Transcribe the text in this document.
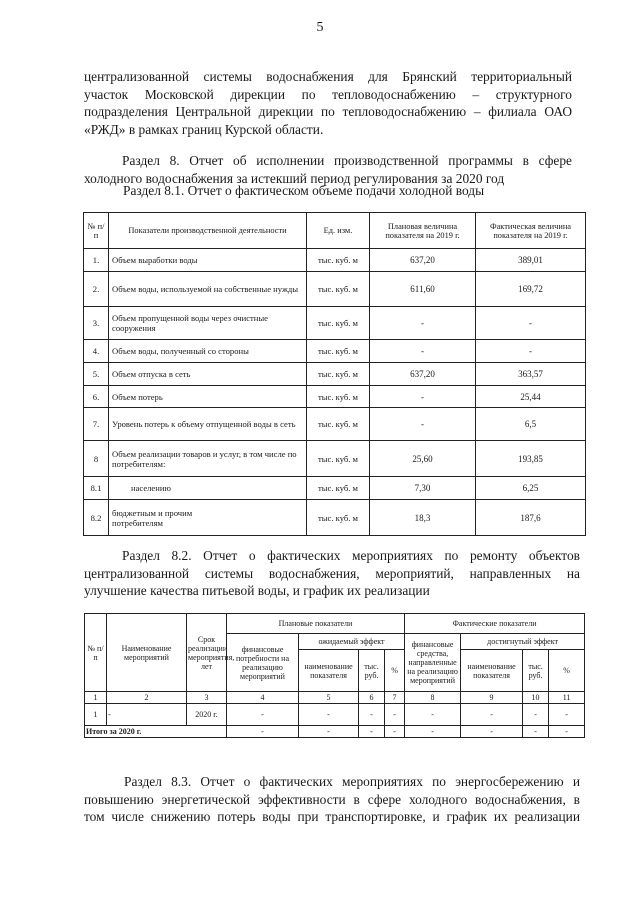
5
централизованной системы водоснабжения для Брянский территориальный
участок Московской дирекции по тепловодоснабжению – структурного
подразделения Центральной дирекции по тепловодоснабжению – филиала ОАО
«РЖД» в рамках границ Курской области.
Раздел 8. Отчет об исполнении производственной программы в сфере
холодного водоснабжения за истекший период регулирования за 2020 год
Раздел 8.1. Отчет о фактическом объеме подачи холодной воды
№ п/п	Показатели производственной деятельности	Ед. изм.	Плановая величина показателя на 2019 г.	Фактическая величина показателя на 2019 г.
1.	Объем выработки воды	тыс. куб. м	637,20	389,01
2.	Объем воды, используемой на собственные нужды	тыс. куб. м	611,60	169,72
3.	Объем пропущенной воды через очистные сооружения	тыс. куб. м	-	-
4.	Объем воды, полученный со стороны	тыс. куб. м	-	-
5.	Объем отпуска в сеть	тыс. куб. м	637,20	363,57
6.	Объем потерь	тыс. куб. м	-	25,44
7.	Уровень потерь к объему отпущенной воды в сеть	тыс. куб. м	-	6,5
8	Объем реализации товаров и услуг, в том числе по потребителям:	тыс. куб. м	25,60	193,85
8.1	населению	тыс. куб. м	7,30	6,25
8.2	бюджетным и прочим потребителям	тыс. куб. м	18,3	187,6
Раздел 8.2. Отчет о фактических мероприятиях по ремонту объектов
централизованной системы водоснабжения, мероприятий, направленных на
улучшение качества питьевой воды, и график их реализации
№ п/п	Наименование мероприятий	Срок реализации мероприятия, лет	Плановые показатели				Фактические показатели			
			финансовые потребности на реализацию мероприятий	ожидаемый эффект			финансовые средства, направленные на реализацию мероприятий	достигнутый эффект		
				наименование показателя	тыс. руб.	%		наименование показателя	тыс. руб.	%
1	2	3	4	5	6	7	8	9	10	11
1	-	2020 г.	-	-	-	-	-	-	-	-
Итого за 2020 г.			-	-	-	-	-	-	-	-
Раздел 8.3. Отчет о фактических мероприятиях по энергосбережению и
повышению энергетической эффективности в сфере холодного водоснабжения, в
том числе снижению потерь воды при транспортировке, и график их реализации
